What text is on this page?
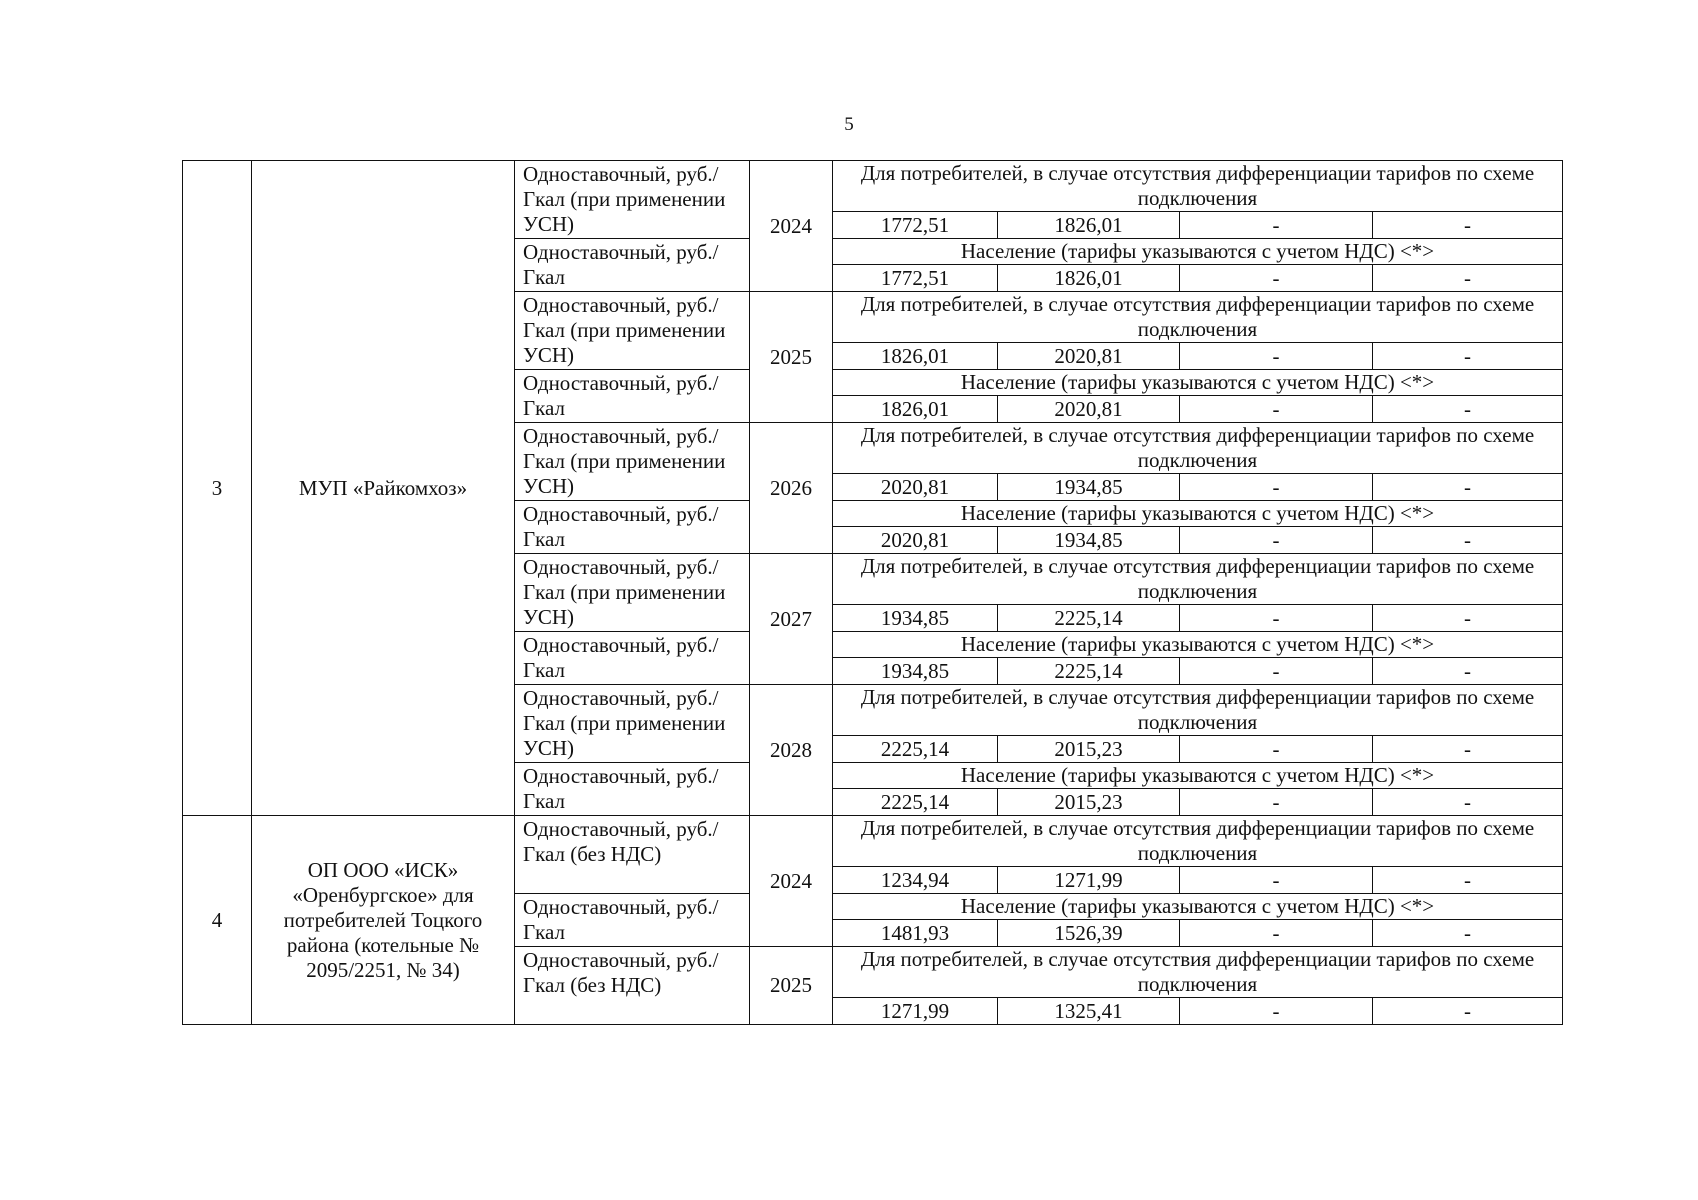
5
3	МУП «Райкомхоз»	Одноставочный, руб./Гкал (при применении УСН)	2024	Для потребителей, в случае отсутствия дифференциации тарифов по схеме подключения			
				1772,51	1826,01	-	-
		Одноставочный, руб./Гкал		Население (тарифы указываются с учетом НДС) <*>			
				1772,51	1826,01	-	-
		Одноставочный, руб./Гкал (при применении УСН)	2025	Для потребителей, в случае отсутствия дифференциации тарифов по схеме подключения			
				1826,01	2020,81	-	-
		Одноставочный, руб./Гкал		Население (тарифы указываются с учетом НДС) <*>			
				1826,01	2020,81	-	-
		Одноставочный, руб./Гкал (при применении УСН)	2026	Для потребителей, в случае отсутствия дифференциации тарифов по схеме подключения			
				2020,81	1934,85	-	-
		Одноставочный, руб./Гкал		Население (тарифы указываются с учетом НДС) <*>			
				2020,81	1934,85	-	-
		Одноставочный, руб./Гкал (при применении УСН)	2027	Для потребителей, в случае отсутствия дифференциации тарифов по схеме подключения			
				1934,85	2225,14	-	-
		Одноставочный, руб./Гкал		Население (тарифы указываются с учетом НДС) <*>			
				1934,85	2225,14	-	-
		Одноставочный, руб./Гкал (при применении УСН)	2028	Для потребителей, в случае отсутствия дифференциации тарифов по схеме подключения			
				2225,14	2015,23	-	-
		Одноставочный, руб./Гкал		Население (тарифы указываются с учетом НДС) <*>			
				2225,14	2015,23	-	-
4	ОП ООО «ИСК» «Оренбургское» для потребителей Тоцкого района (котельные № 2095/2251, № 34)	Одноставочный, руб./Гкал (без НДС)	2024	Для потребителей, в случае отсутствия дифференциации тарифов по схеме подключения			
				1234,94	1271,99	-	-
		Одноставочный, руб./Гкал		Население (тарифы указываются с учетом НДС) <*>			
				1481,93	1526,39	-	-
		Одноставочный, руб./Гкал (без НДС)	2025	Для потребителей, в случае отсутствия дифференциации тарифов по схеме подключения			
				1271,99	1325,41	-	-
